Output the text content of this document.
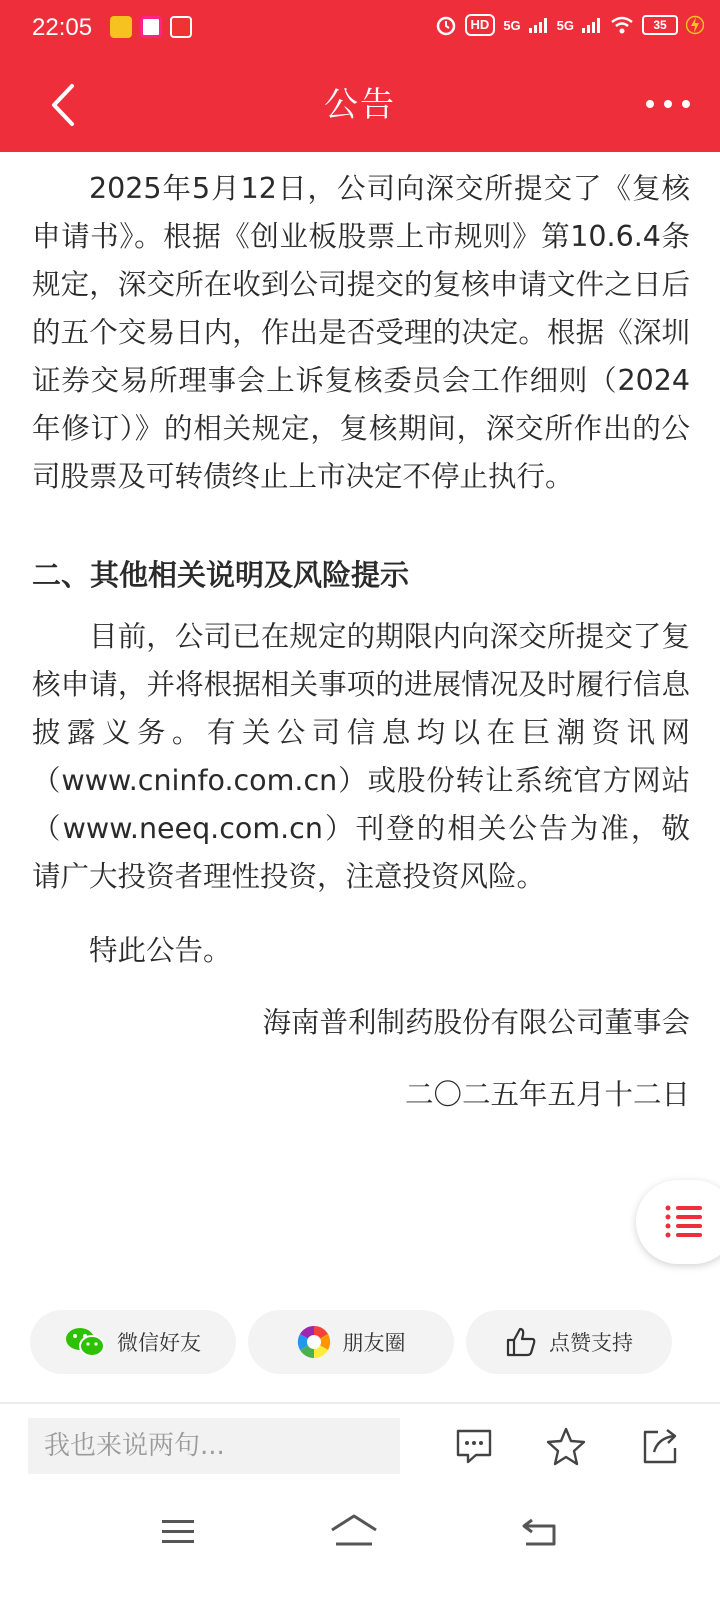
22:05	HD	5G	5G	35
公告

2025年5月12日，公司向深交所提交了《复核申请书》。根据《创业板股票上市规则》第10.6.4条规定，深交所在收到公司提交的复核申请文件之日后的五个交易日内，作出是否受理的决定。根据《深圳证券交易所理事会上诉复核委员会工作细则（2024年修订）》的相关规定，复核期间，深交所作出的公司股票及可转债终止上市决定不停止执行。

二、其他相关说明及风险提示

目前，公司已在规定的期限内向深交所提交了复核申请，并将根据相关事项的进展情况及时履行信息披露义务。有关公司信息均以在巨潮资讯网（www.cninfo.com.cn）或股份转让系统官方网站（www.neeq.com.cn）刊登的相关公告为准，敬请广大投资者理性投资，注意投资风险。

特此公告。

海南普利制药股份有限公司董事会

二〇二五年五月十二日

微信好友	朋友圈	点赞支持
我也来说两句...
